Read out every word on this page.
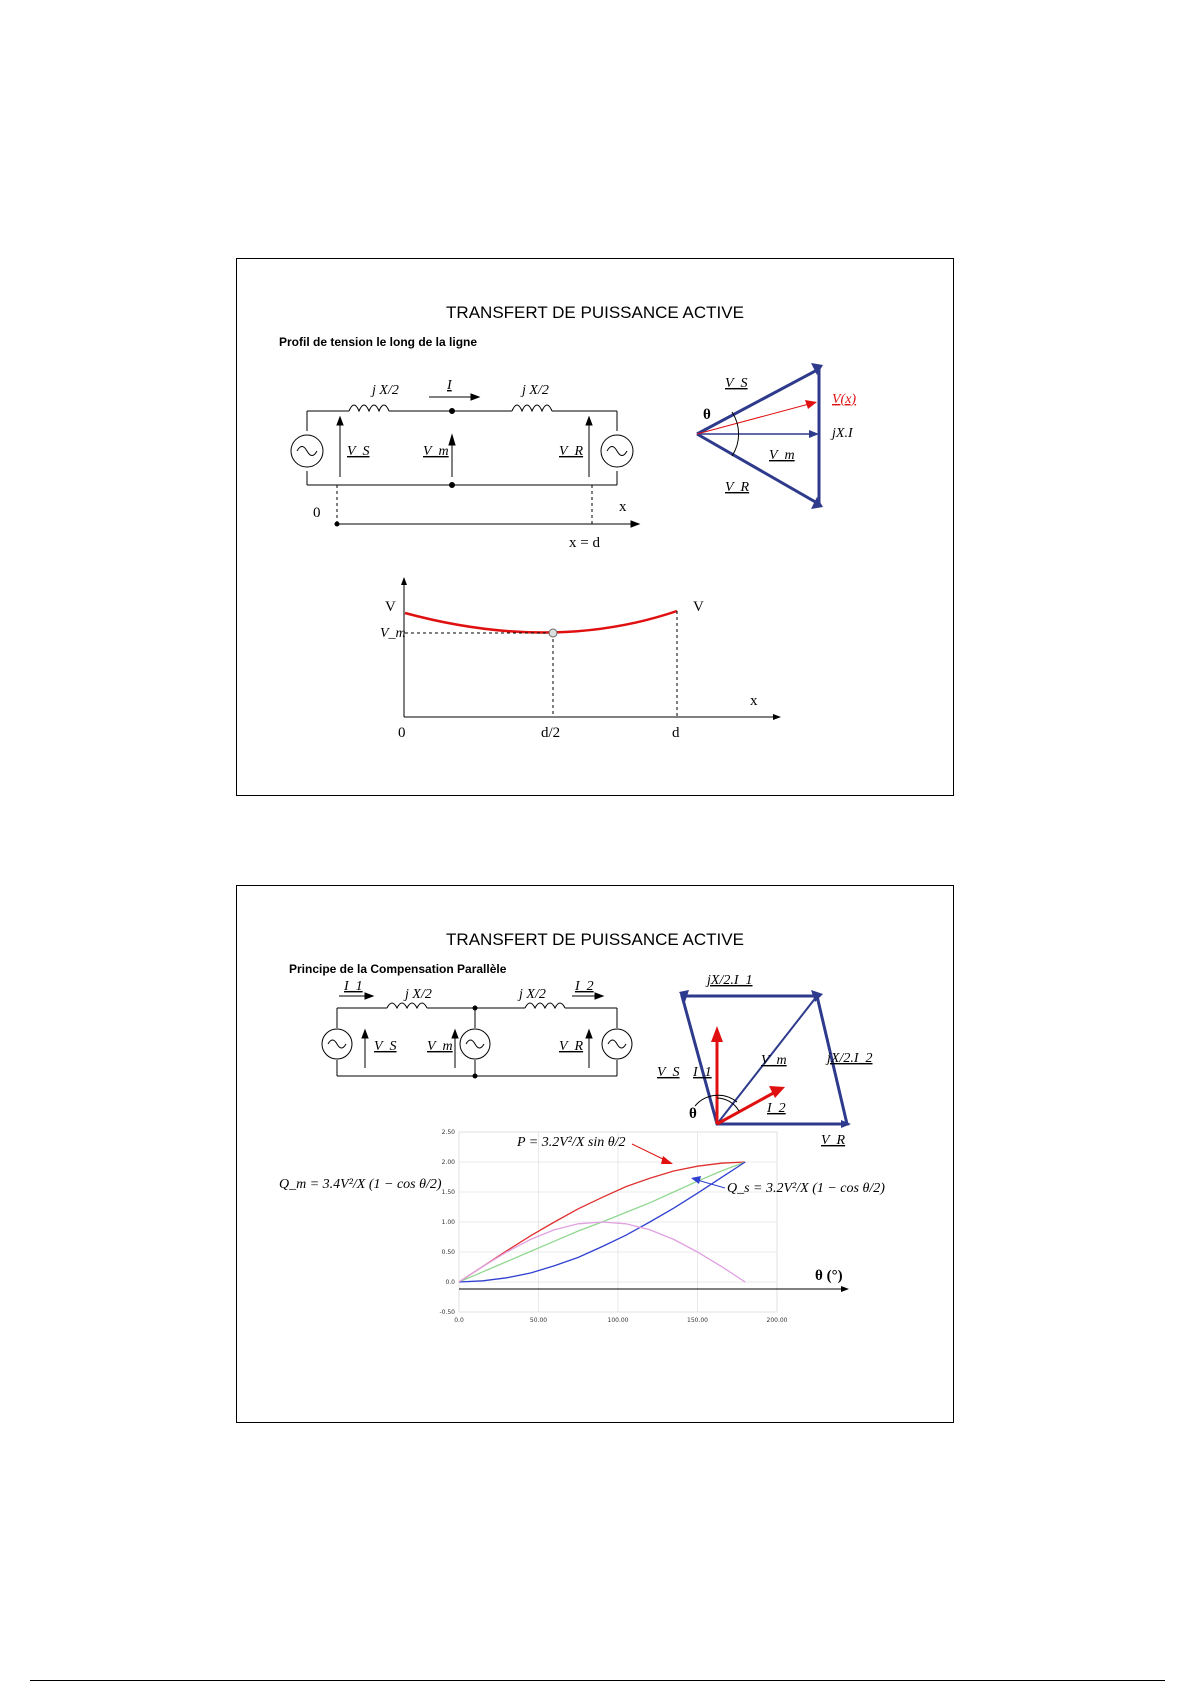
TRANSFERT DE PUISSANCE ACTIVE
Profil de tension le long de la ligne
j X/2	j X/2
I
V_S	V_m	V_R
0	x
x = d
V_S
V(x)
jX.I
V_m
V_R
θ
V	V
V_m
0	d/2	d
x
TRANSFERT DE PUISSANCE ACTIVE
Principe de la Compensation Parallèle
I_1	I_2
j X/2	j X/2
V_S V_m	V_R
jX/2.I_1
jX/2.I_2
I_1
I_2
V_m
V_S
V_R
θ
2.50
2.00
1.50
1.00
0.50
0.0
-0.50
0.0	50.00	100.00	150.00	200.00
θ (°)
P = 3.2V²/X sin θ/2
Q_m = 3.4V²/X (1 − cos θ/2)	Q_s = 3.2V²/X (1 − cos θ/2)
